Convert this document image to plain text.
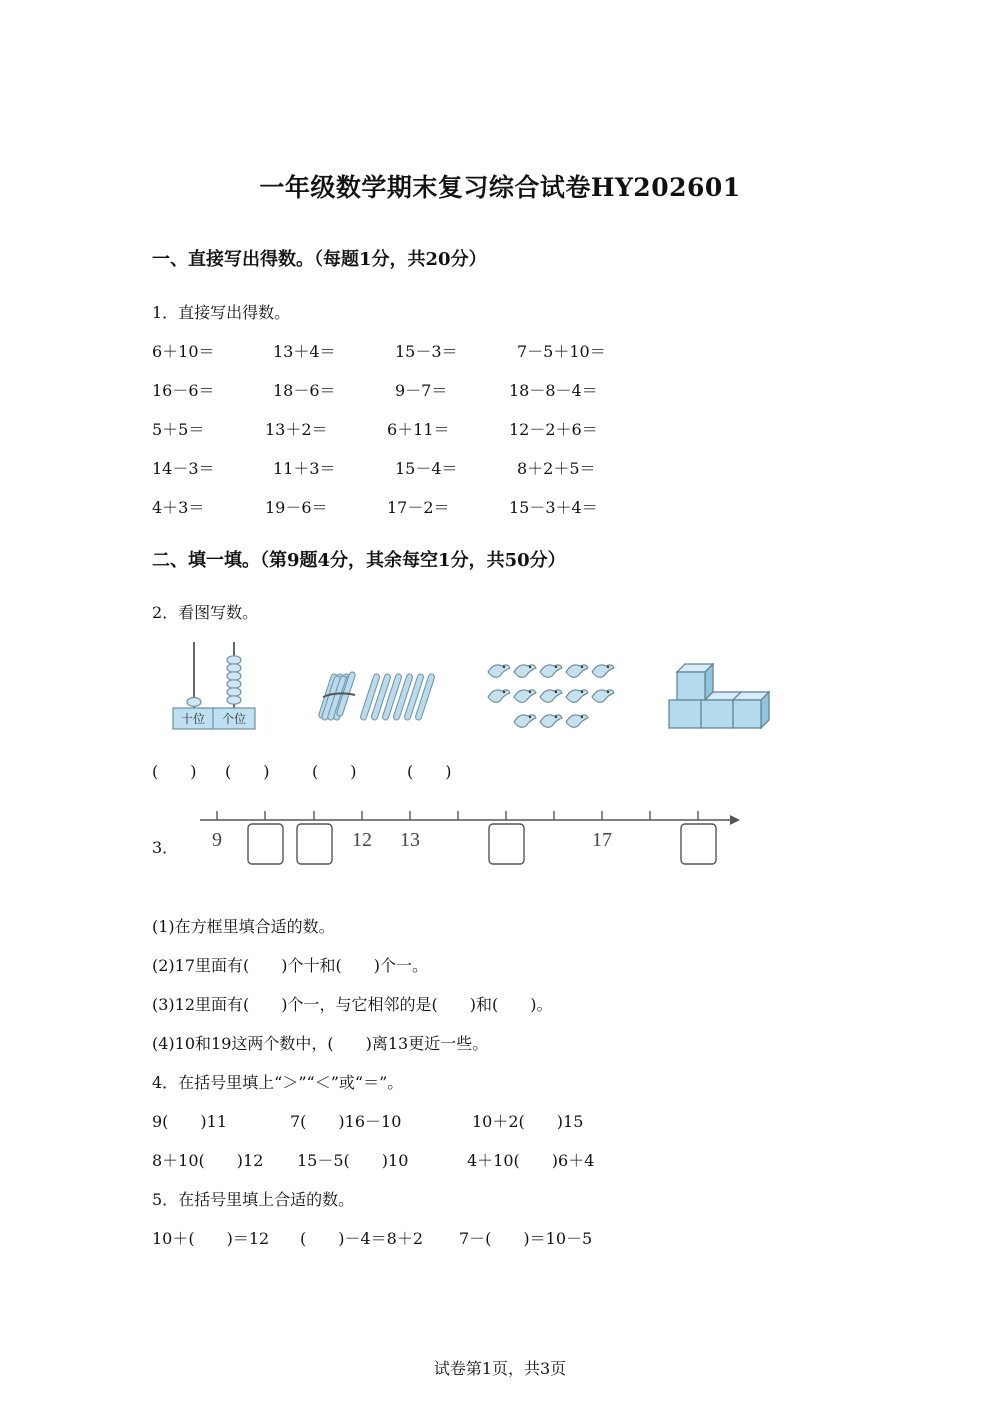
一年级数学期末复习综合试卷HY202601
一、直接写出得数。（每题1分，共20分）
1．直接写出得数。
6＋10＝	13＋4＝	15－3＝	7－5＋10＝
16－6＝	18－6＝	9－7＝	18－8－4＝
5＋5＝	13＋2＝	6＋11＝	12－2＋6＝
14－3＝	11＋3＝	15－4＝	8＋2＋5＝
4＋3＝	19－6＝	17－2＝	15－3＋4＝
二、填一填。（第9题4分，其余每空1分，共50分）
2．看图写数。
十位 个位
(　　) (　　)	(　　)	(　　)
3． 9	12 13	17
(1)在方框里填合适的数。
(2)17里面有(　　)个十和(　　)个一。
(3)12里面有(　　)个一，与它相邻的是(　　)和(　　)。
(4)10和19这两个数中，(　　)离13更近一些。
4．在括号里填上“＞”“＜”或“＝”。
9(　　)11	7(　　)16－10	10＋2(　　)15
8＋10(　　)12 15－5(　　)10	4＋10(　　)6＋4
5．在括号里填上合适的数。
10＋(　　)＝12 (　　)－4＝8＋2 7－(　　)＝10－5
试卷第1页，共3页
